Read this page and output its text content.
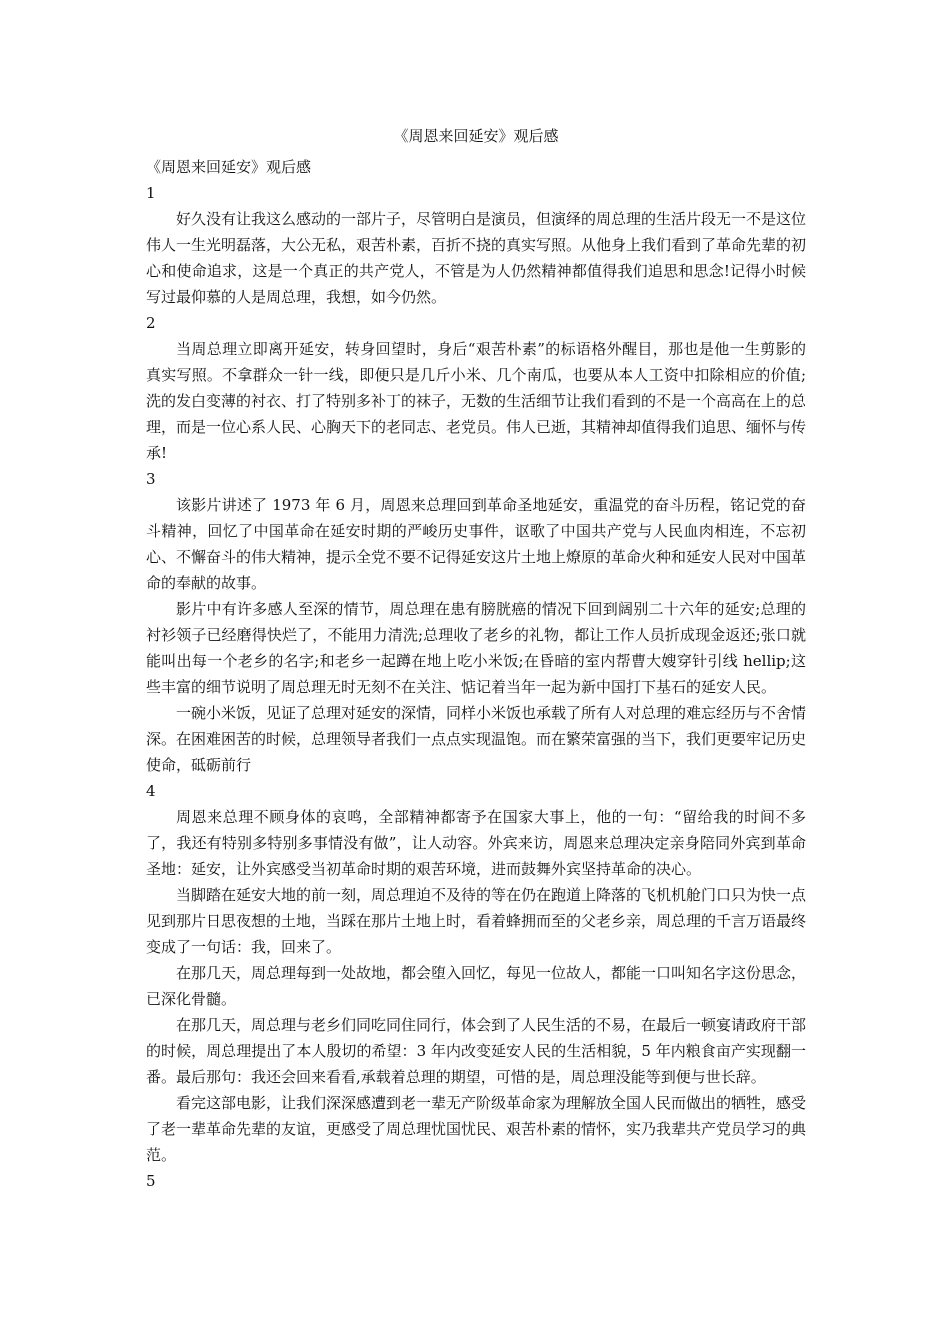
《周恩来回延安》观后感

《周恩来回延安》观后感

1

好久没有让我这么感动的一部片子，尽管明白是演员，但演绎的周总理的生活片段无一不是这位伟人一生光明磊落，大公无私，艰苦朴素，百折不挠的真实写照。从他身上我们看到了革命先辈的初心和使命追求，这是一个真正的共产党人，不管是为人仍然精神都值得我们追思和思念!记得小时候写过最仰慕的人是周总理，我想，如今仍然。

2

当周总理立即离开延安，转身回望时，身后“艰苦朴素”的标语格外醒目，那也是他一生剪影的真实写照。不拿群众一针一线，即便只是几斤小米、几个南瓜，也要从本人工资中扣除相应的价值;洗的发白变薄的衬衣、打了特别多补丁的袜子，无数的生活细节让我们看到的不是一个高高在上的总理，而是一位心系人民、心胸天下的老同志、老党员。伟人已逝，其精神却值得我们追思、缅怀与传承!

3

该影片讲述了 1973 年 6 月，周恩来总理回到革命圣地延安，重温党的奋斗历程，铭记党的奋斗精神，回忆了中国革命在延安时期的严峻历史事件，讴歌了中国共产党与人民血肉相连，不忘初心、不懈奋斗的伟大精神，提示全党不要不记得延安这片土地上燎原的革命火种和延安人民对中国革命的奉献的故事。

影片中有许多感人至深的情节，周总理在患有膀胱癌的情况下回到阔别二十六年的延安;总理的衬衫领子已经磨得快烂了，不能用力清洗;总理收了老乡的礼物，都让工作人员折成现金返还;张口就能叫出每一个老乡的名字;和老乡一起蹲在地上吃小米饭;在昏暗的室内帮曹大嫂穿针引线 hellip;这些丰富的细节说明了周总理无时无刻不在关注、惦记着当年一起为新中国打下基石的延安人民。

一碗小米饭，见证了总理对延安的深情，同样小米饭也承载了所有人对总理的难忘经历与不舍情深。在困难困苦的时候，总理领导者我们一点点实现温饱。而在繁荣富强的当下，我们更要牢记历史使命，砥砺前行

4

周恩来总理不顾身体的哀鸣，全部精神都寄予在国家大事上，他的一句：“留给我的时间不多了，我还有特别多特别多事情没有做”，让人动容。外宾来访，周恩来总理决定亲身陪同外宾到革命圣地：延安，让外宾感受当初革命时期的艰苦环境，进而鼓舞外宾坚持革命的决心。

当脚踏在延安大地的前一刻，周总理迫不及待的等在仍在跑道上降落的飞机机舱门口只为快一点见到那片日思夜想的土地，当踩在那片土地上时，看着蜂拥而至的父老乡亲，周总理的千言万语最终变成了一句话：我，回来了。

在那几天，周总理每到一处故地，都会堕入回忆，每见一位故人，都能一口叫知名字这份思念，已深化骨髓。

在那几天，周总理与老乡们同吃同住同行，体会到了人民生活的不易，在最后一顿宴请政府干部的时候，周总理提出了本人殷切的希望：3 年内改变延安人民的生活相貌，5 年内粮食亩产实现翻一番。最后那句：我还会回来看看,承载着总理的期望，可惜的是，周总理没能等到便与世长辞。

看完这部电影，让我们深深感遭到老一辈无产阶级革命家为理解放全国人民而做出的牺牲，感受了老一辈革命先辈的友谊，更感受了周总理忧国忧民、艰苦朴素的情怀，实乃我辈共产党员学习的典范。

5
